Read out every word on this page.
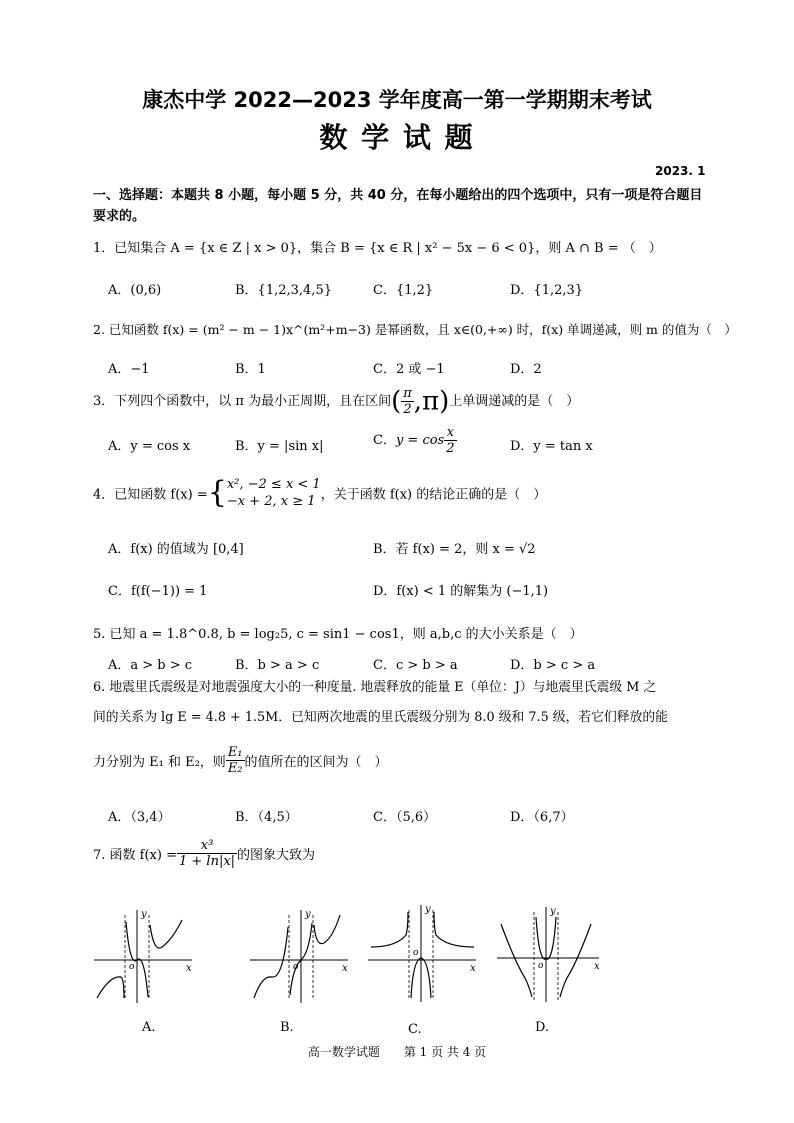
康杰中学 2022—2023 学年度高一第一学期期末考试
数 学 试 题
2023. 1
一、选择题：本题共 8 小题，每小题 5 分，共 40 分，在每小题给出的四个选项中，只有一项是符合题目
要求的。
1．已知集合 A = {x ∈ Z | x > 0}，集合 B = {x ∈ R | x² − 5x − 6 < 0}，则 A ∩ B = （　）
A．(0,6)	B．{1,2,3,4,5}	C．{1,2}	D．{1,2,3}
2. 已知函数 f(x) = (m² − m − 1)x^(m²+m−3) 是幂函数，且 x∈(0,+∞) 时，f(x) 单调递减，则 m 的值为（　）
A．−1	B．1	C．2 或 −1	D．2
3．下列四个函数中，以 π 为最小正周期，且在区间( $\frac{\pi}{2} ,\pi$)上单调递减的是（　）
A．y = cos x	B．y = |sin x|	C．$y = \cos \frac{x}{2}$	D．y = tan x
4．已知函数 f(x) ={ x², −2 ≤ x < 1
−x + 2, x ≥ 1 ，关于函数 f(x) 的结论正确的是（　）
A．f(x) 的值域为 [0,4]	B．若 f(x) = 2，则 x = √2
C．f(f(−1)) = 1	D．f(x) < 1 的解集为 (−1,1)
5. 已知 a = 1.8^0.8, b = log₂5, c = sin1 − cos1，则 a,b,c 的大小关系是（　）
A．a > b > c	B．b > a > c	C．c > b > a	D．b > c > a
6. 地震里氏震级是对地震强度大小的一种度量. 地震释放的能量 E（单位：J）与地震里氏震级 M 之
间的关系为 lg E = 4.8 + 1.5M．已知两次地震的里氏震级分别为 8.0 级和 7.5 级，若它们释放的能
力分别为 E₁ 和 E₂，则 $\frac{\text{E₁}}{\text{E₂}}$ 的值所在的区间为（　）
A．（3,4）	B．（4,5）	C．（5,6）	D．（6,7）
7. 函数 $f(x) = \frac{\text{x³}}{1 + \ln|x|}$ 的图象大致为
y
x
o
A.
y
x
o
B.
y
x
o
C.
y
x
o
D.
高一数学试题　　第 1 页 共 4 页
